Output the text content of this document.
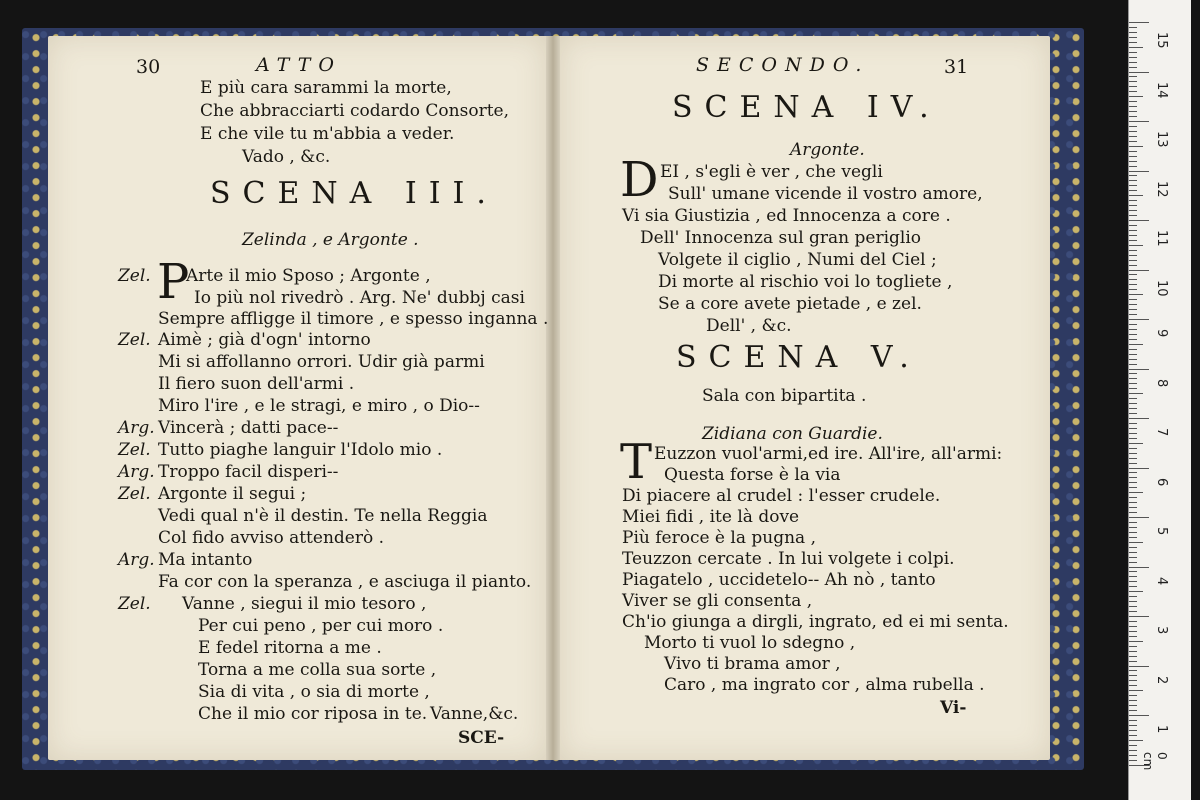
30	ATTO
E più cara sarammi la morte,
Che abbracciarti codardo Consorte,
E che vile tu m'abbia a veder.
Vado , &c.
SCENA III.
Zelinda , e Argonte .
Zel. P
Arte il mio Sposo ; Argonte ,
Io più nol rivedrò . Arg. Ne' dubbj casi
Sempre affligge il timore , e spesso inganna .
Zel. Aimè ; già d'ogn' intorno
Mi si affollanno orrori. Udir già parmi
Il fiero suon dell'armi .
Miro l'ire , e le stragi, e miro , o Dio--
Arg. Vincerà ; datti pace--
Zel. Tutto piaghe languir l'Idolo mio .
Arg. Troppo facil disperi--
Zel. Argonte il segui ;
Vedi qual n'è il destin. Te nella Reggia
Col fido avviso attenderò .
Arg. Ma intanto
Fa cor con la speranza , e asciuga il pianto.
Zel. Vanne , siegui il mio tesoro ,
Per cui peno , per cui moro .
E fedel ritorna a me .
Torna a me colla sua sorte ,
Sia di vita , o sia di morte ,
Che il mio cor riposa in te. Vanne,&c.
SCE-
SECONDO.	31
SCENA IV.
Argonte.
D EI , s'egli è ver , che vegli
Sull' umane vicende il vostro amore,
Vi sia Giustizia , ed Innocenza a core .
Dell' Innocenza sul gran periglio
Volgete il ciglio , Numi del Ciel ;
Di morte al rischio voi lo togliete ,
Se a core avete pietade , e zel.
Dell' , &c.
SCENA V.
Sala con bipartita .
Zidiana con Guardie.
T Euzzon vuol'armi,ed ire. All'ire, all'armi:
Questa forse è la via
Di piacere al crudel : l'esser crudele.
Miei fidi , ite là dove
Più feroce è la pugna ,
Teuzzon cercate . In lui volgete i colpi.
Piagatelo , uccidetelo-- Ah nò , tanto
Viver se gli consenta ,
Ch'io giunga a dirgli, ingrato, ed ei mi senta.
Morto ti vuol lo sdegno ,
Vivo ti brama amor ,
Caro , ma ingrato cor , alma rubella .
Vi-
15
14
13
12
11
10
9
8
7
6
5
4
3
2
1
0 cm
